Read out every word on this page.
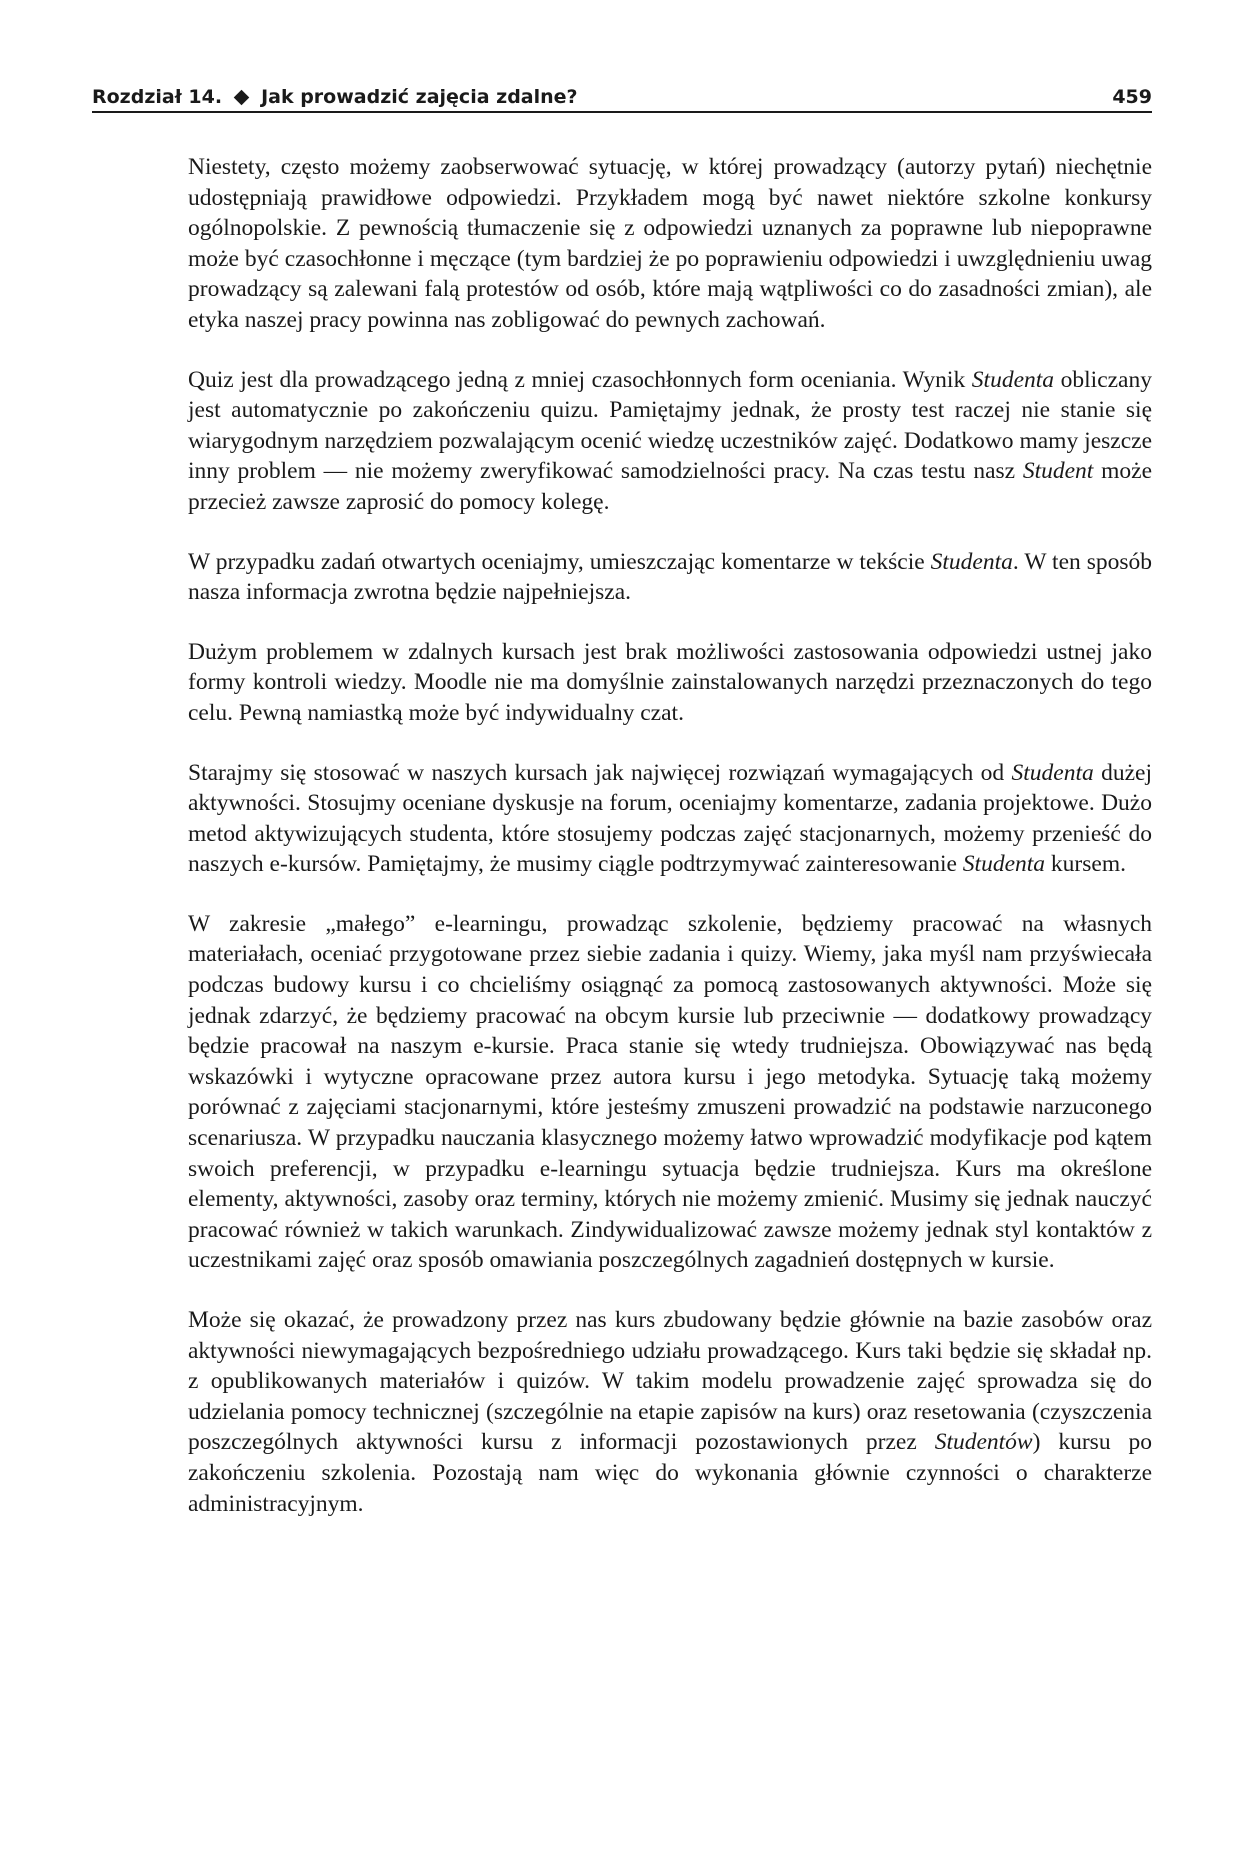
Rozdział 14. Jak prowadzić zajęcia zdalne?	459

Niestety, często możemy zaobserwować sytuację, w której prowadzący (autorzy pytań) niechętnie udostępniają prawidłowe odpowiedzi. Przykładem mogą być nawet niektóre szkolne konkursy ogólnopolskie. Z pewnością tłumaczenie się z odpowiedzi uznanych za poprawne lub niepoprawne może być czasochłonne i męczące (tym bardziej że po poprawieniu odpowiedzi i uwzględnieniu uwag prowadzący są zalewani falą protestów od osób, które mają wątpliwości co do zasadności zmian), ale etyka naszej pracy powinna nas zobligować do pewnych zachowań.

Quiz jest dla prowadzącego jedną z mniej czasochłonnych form oceniania. Wynik Studenta obliczany jest automatycznie po zakończeniu quizu. Pamiętajmy jednak, że prosty test raczej nie stanie się wiarygodnym narzędziem pozwalającym ocenić wiedzę uczestników zajęć. Dodatkowo mamy jeszcze inny problem — nie możemy zweryfikować samodzielności pracy. Na czas testu nasz Student może przecież zawsze zaprosić do pomocy kolegę.

W przypadku zadań otwartych oceniajmy, umieszczając komentarze w tekście Studenta. W ten sposób nasza informacja zwrotna będzie najpełniejsza.

Dużym problemem w zdalnych kursach jest brak możliwości zastosowania odpowiedzi ustnej jako formy kontroli wiedzy. Moodle nie ma domyślnie zainstalowanych narzędzi przeznaczonych do tego celu. Pewną namiastką może być indywidualny czat.

Starajmy się stosować w naszych kursach jak najwięcej rozwiązań wymagających od Studenta dużej aktywności. Stosujmy oceniane dyskusje na forum, oceniajmy komentarze, zadania projektowe. Dużo metod aktywizujących studenta, które stosujemy podczas zajęć stacjonarnych, możemy przenieść do naszych e-kursów. Pamiętajmy, że musimy ciągle podtrzymywać zainteresowanie Studenta kursem.

W zakresie „małego” e-learningu, prowadząc szkolenie, będziemy pracować na własnych materiałach, oceniać przygotowane przez siebie zadania i quizy. Wiemy, jaka myśl nam przyświecała podczas budowy kursu i co chcieliśmy osiągnąć za pomocą zastosowanych aktywności. Może się jednak zdarzyć, że będziemy pracować na obcym kursie lub przeciwnie — dodatkowy prowadzący będzie pracował na naszym e-kursie. Praca stanie się wtedy trudniejsza. Obowiązywać nas będą wskazówki i wytyczne opracowane przez autora kursu i jego metodyka. Sytuację taką możemy porównać z zajęciami stacjonarnymi, które jesteśmy zmuszeni prowadzić na podstawie narzuconego scenariusza. W przypadku nauczania klasycznego możemy łatwo wprowadzić modyfikacje pod kątem swoich preferencji, w przypadku e-learningu sytuacja będzie trudniejsza. Kurs ma określone elementy, aktywności, zasoby oraz terminy, których nie możemy zmienić. Musimy się jednak nauczyć pracować również w takich warunkach. Zindywidualizować zawsze możemy jednak styl kontaktów z uczestnikami zajęć oraz sposób omawiania poszczególnych zagadnień dostępnych w kursie.

Może się okazać, że prowadzony przez nas kurs zbudowany będzie głównie na bazie zasobów oraz aktywności niewymagających bezpośredniego udziału prowadzącego. Kurs taki będzie się składał np. z opublikowanych materiałów i quizów. W takim modelu prowadzenie zajęć sprowadza się do udzielania pomocy technicznej (szczególnie na etapie zapisów na kurs) oraz resetowania (czyszczenia poszczególnych aktywności kursu z informacji pozostawionych przez Studentów) kursu po zakończeniu szkolenia. Pozostają nam więc do wykonania głównie czynności o charakterze administracyjnym.
